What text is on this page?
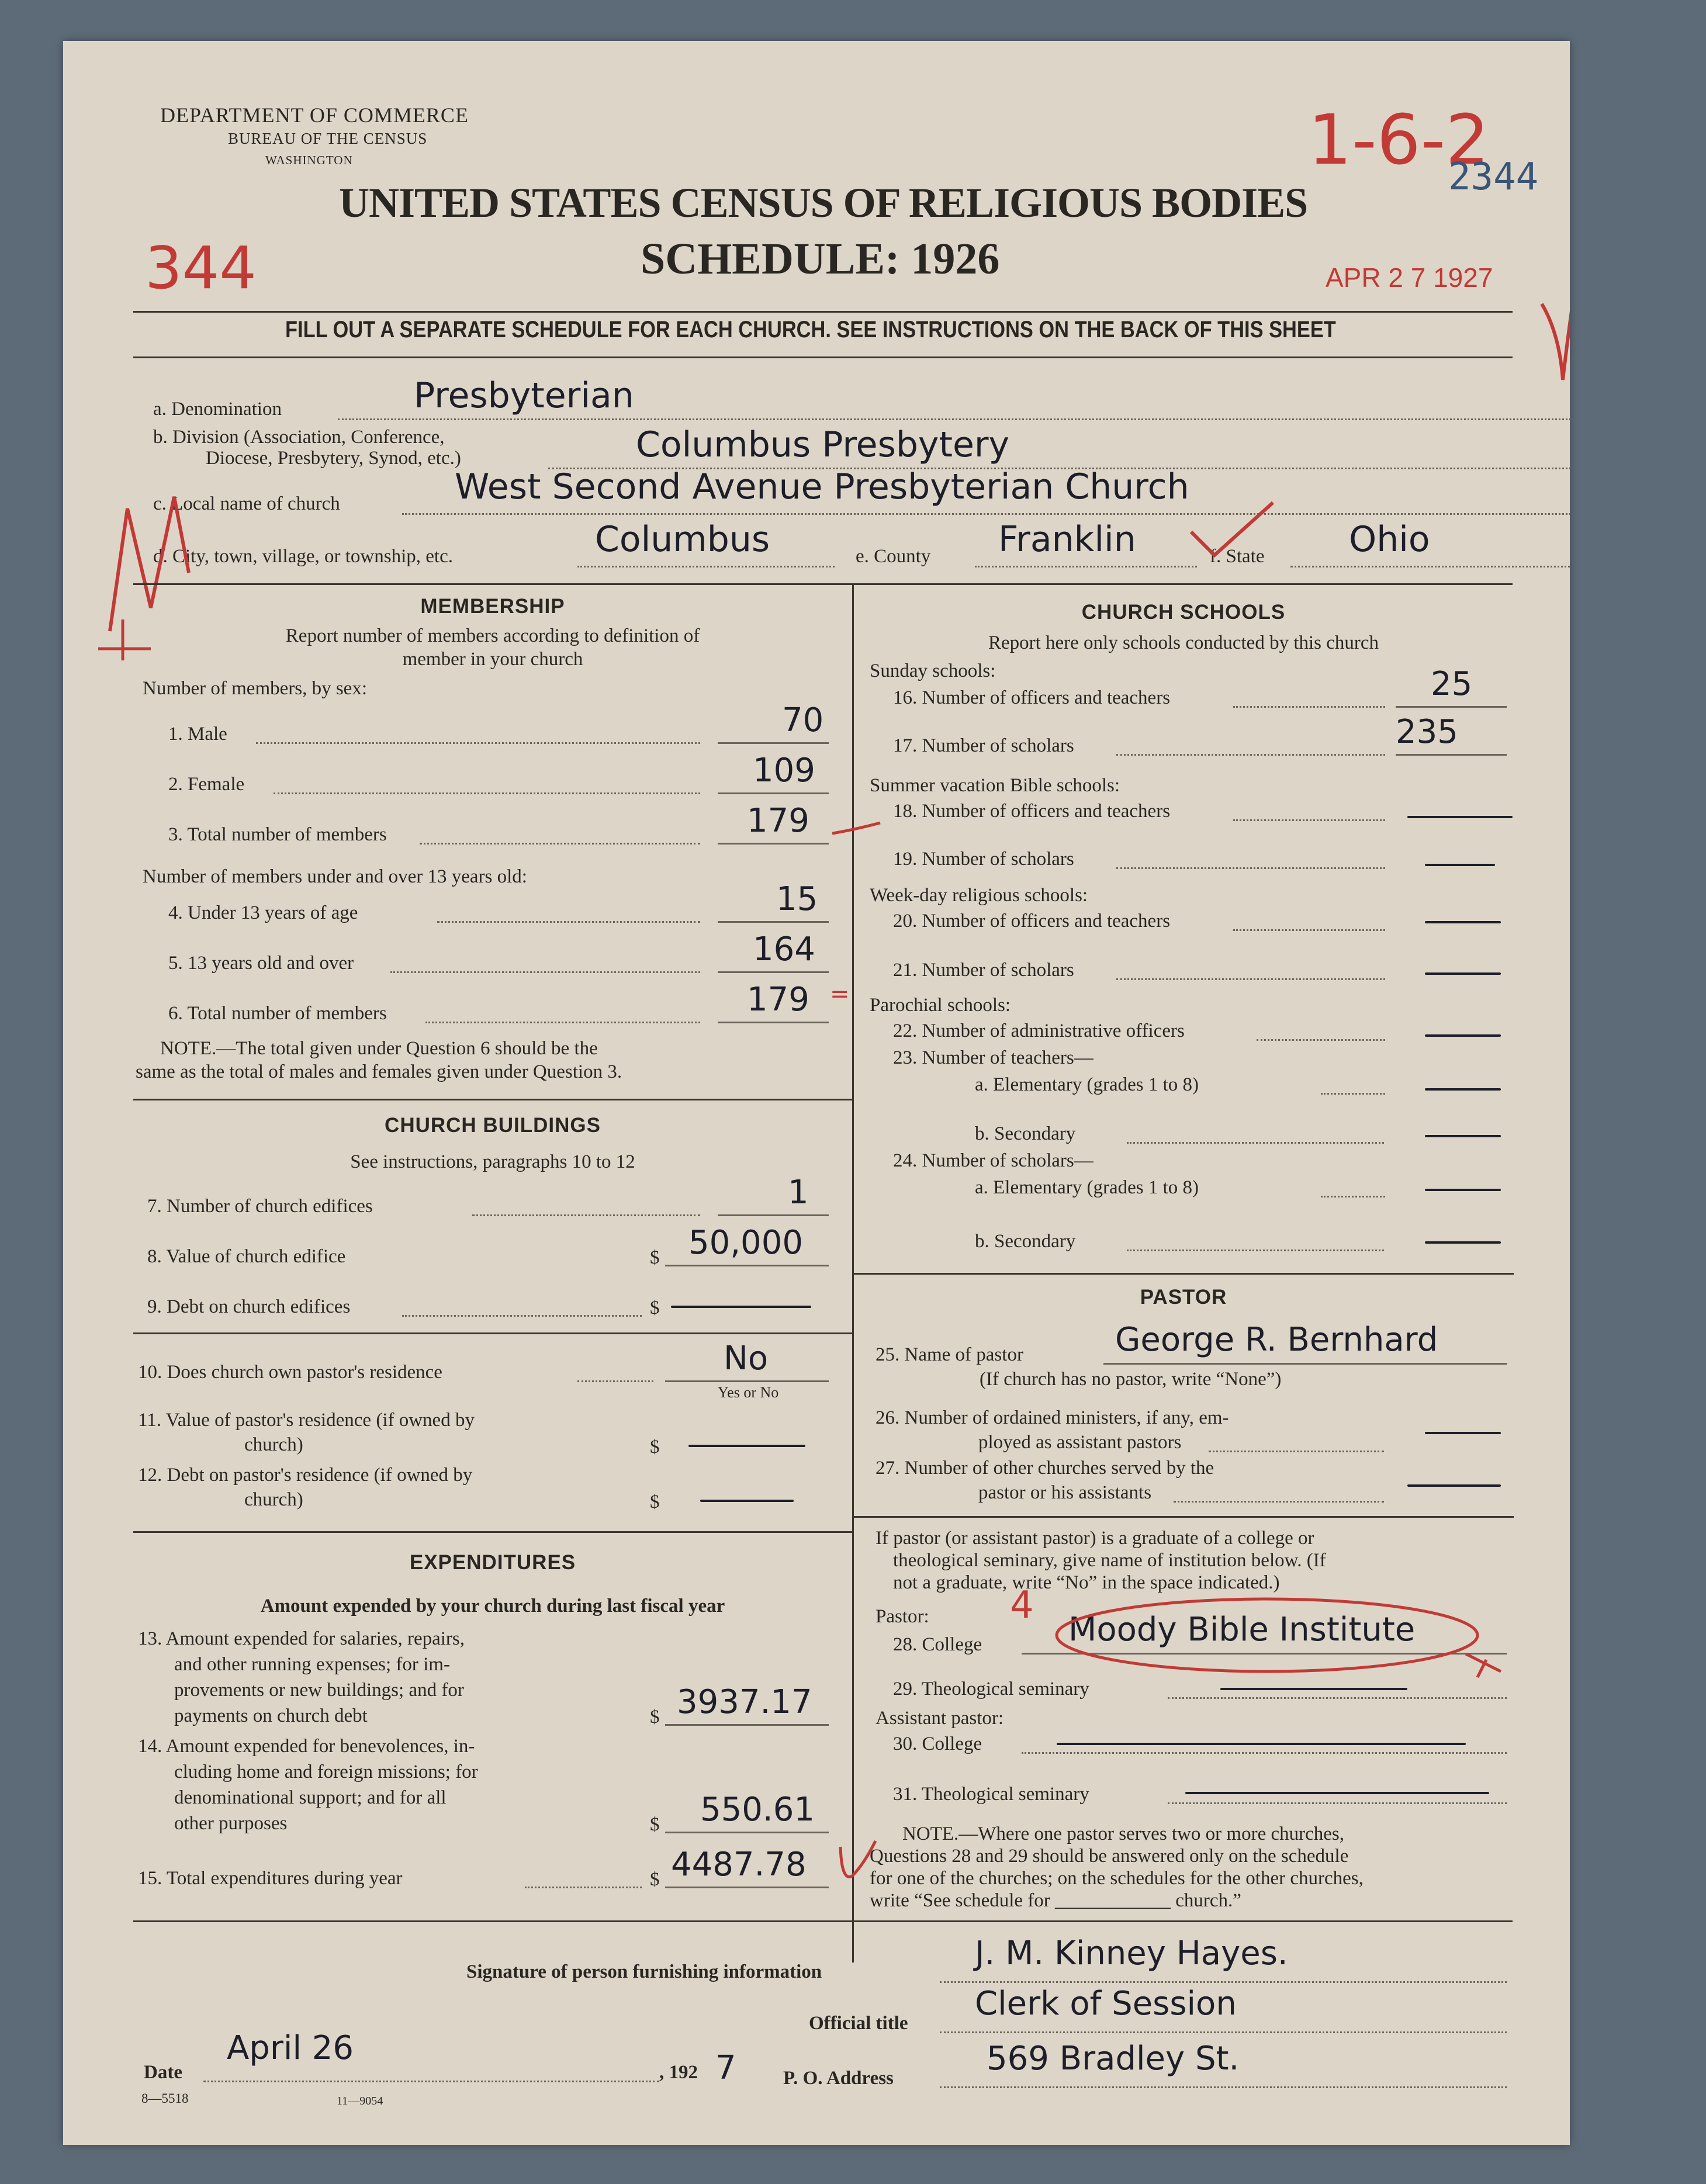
DEPARTMENT OF COMMERCE
BUREAU OF THE CENSUS
WASHINGTON
UNITED STATES CENSUS OF RELIGIOUS BODIES
SCHEDULE: 1926
344
1-6-2
APR 2 7 1927
2344
FILL OUT A SEPARATE SCHEDULE FOR EACH CHURCH. SEE INSTRUCTIONS ON THE BACK OF THIS SHEET
a. Denomination	Presbyterian
b. Division (Association, Conference,
Diocese, Presbytery, Synod, etc.)	Columbus Presbytery
c. Local name of church	West Second Avenue Presbyterian Church
d. City, town, village, or township, etc.	Columbus	e. County Franklin	f. State Ohio
MEMBERSHIP
Report number of members according to definition of
member in your church
Number of members, by sex:
1. Male	70
2. Female	109
3. Total number of members	179
Number of members under and over 13 years old:
4. Under 13 years of age	15
5. 13 years old and over	164
6. Total number of members	179 =
NOTE.—The total given under Question 6 should be the
same as the total of males and females given under Question 3.
CHURCH BUILDINGS
See instructions, paragraphs 10 to 12
7. Number of church edifices	1
8. Value of church edifice	$ 50,000
9. Debt on church edifices	$
10. Does church own pastor's residence	No
Yes or No
11. Value of pastor's residence (if owned by
church)	$
12. Debt on pastor's residence (if owned by
church)	$
EXPENDITURES
Amount expended by your church during last fiscal year
13. Amount expended for salaries, repairs,
and other running expenses; for im-
provements or new buildings; and for
payments on church debt	$ 3937.17
14. Amount expended for benevolences, in-
cluding home and foreign missions; for
denominational support; and for all
other purposes	$ 550.61
15. Total expenditures during year	$ 4487.78
CHURCH SCHOOLS
Report here only schools conducted by this church
Sunday schools:
16. Number of officers and teachers	25
17. Number of scholars	235
Summer vacation Bible schools:
18. Number of officers and teachers
19. Number of scholars
Week-day religious schools:
20. Number of officers and teachers
21. Number of scholars
Parochial schools:
22. Number of administrative officers
23. Number of teachers—
a. Elementary (grades 1 to 8)
b. Secondary
24. Number of scholars—
a. Elementary (grades 1 to 8)
b. Secondary
PASTOR
25. Name of pastor	George R. Bernhard
(If church has no pastor, write “None”)
26. Number of ordained ministers, if any, em-
ployed as assistant pastors
27. Number of other churches served by the
pastor or his assistants
If pastor (or assistant pastor) is a graduate of a college or
theological seminary, give name of institution below. (If
not a graduate, write “No” in the space indicated.)
Pastor:
28. College	Moody Bible Institute
4
29. Theological seminary
Assistant pastor:
30. College
31. Theological seminary
NOTE.—Where one pastor serves two or more churches,
Questions 28 and 29 should be answered only on the schedule
for one of the churches; on the schedules for the other churches,
write “See schedule for ____________ church.”
Signature of person furnishing information	J. M. Kinney Hayes.
Official title
Clerk of Session
Date
April 26
, 192 7
8—5518	11—9054
P. O. Address
569 Bradley St.
